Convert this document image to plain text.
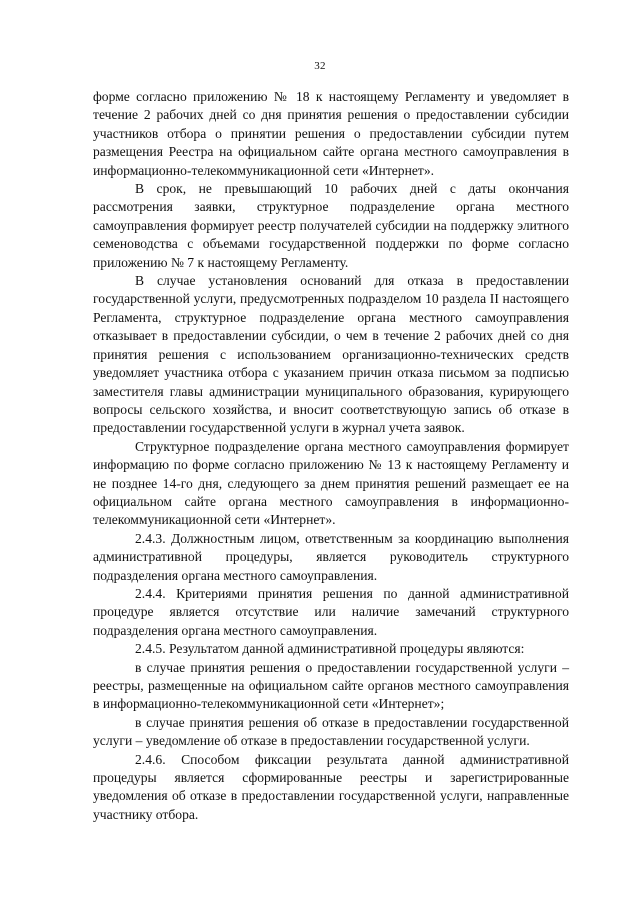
32

форме согласно приложению № 18 к настоящему Регламенту и уведомляет в течение 2 рабочих дней со дня принятия решения о предоставлении субсидии участников отбора о принятии решения о предоставлении субсидии путем размещения Реестра на официальном сайте органа местного самоуправления в информационно-телекоммуникационной сети «Интернет».

В срок, не превышающий 10 рабочих дней с даты окончания рассмотрения заявки, структурное подразделение органа местного самоуправления формирует реестр получателей субсидии на поддержку элитного семеноводства с объемами государственной поддержки по форме согласно приложению № 7 к настоящему Регламенту.

В случае установления оснований для отказа в предоставлении государственной услуги, предусмотренных подразделом 10 раздела II настоящего Регламента, структурное подразделение органа местного самоуправления отказывает в предоставлении субсидии, о чем в течение 2 рабочих дней со дня принятия решения с использованием организационно-технических средств уведомляет участника отбора с указанием причин отказа письмом за подписью заместителя главы администрации муниципального образования, курирующего вопросы сельского хозяйства, и вносит соответствующую запись об отказе в предоставлении государственной услуги в журнал учета заявок.

Структурное подразделение органа местного самоуправления формирует информацию по форме согласно приложению № 13 к настоящему Регламенту и не позднее 14-го дня, следующего за днем принятия решений размещает ее на официальном сайте органа местного самоуправления в информационно-телекоммуникационной сети «Интернет».

2.4.3. Должностным лицом, ответственным за координацию выполнения административной процедуры, является руководитель структурного подразделения органа местного самоуправления.

2.4.4. Критериями принятия решения по данной административной процедуре является отсутствие или наличие замечаний структурного подразделения органа местного самоуправления.

2.4.5. Результатом данной административной процедуры являются:

в случае принятия решения о предоставлении государственной услуги – реестры, размещенные на официальном сайте органов местного самоуправления в информационно-телекоммуникационной сети «Интернет»;

в случае принятия решения об отказе в предоставлении государственной услуги – уведомление об отказе в предоставлении государственной услуги.

2.4.6. Способом фиксации результата данной административной процедуры является сформированные реестры и зарегистрированные уведомления об отказе в предоставлении государственной услуги, направленные участнику отбора.
